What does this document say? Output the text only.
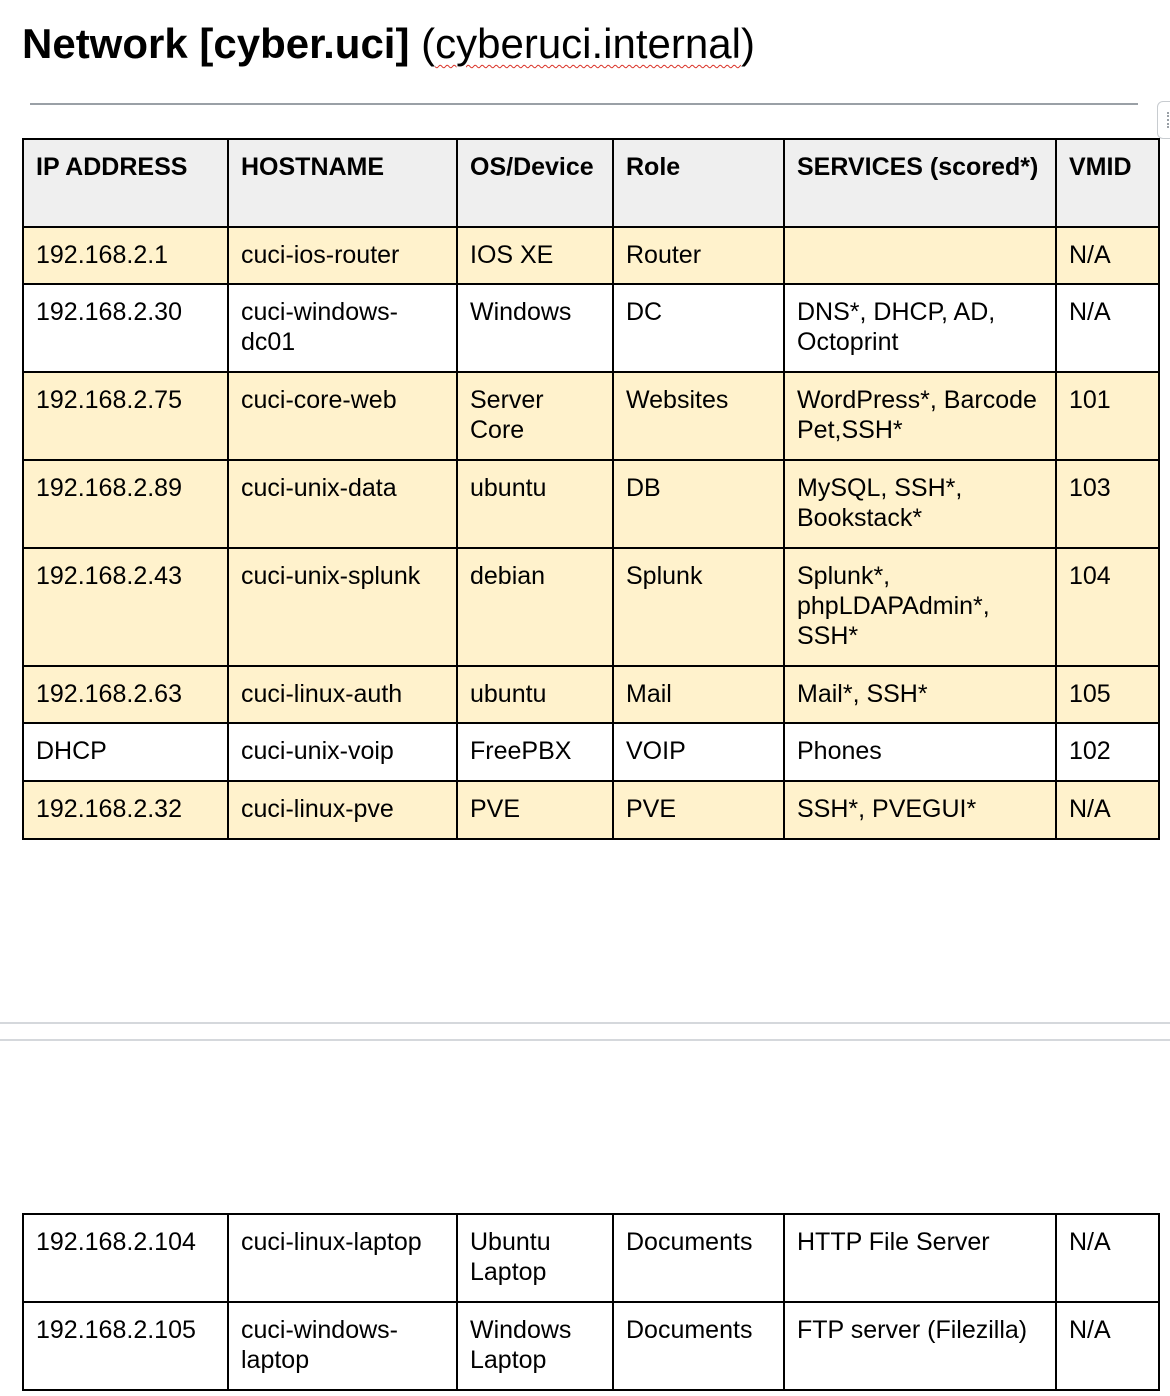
Network [cyber.uci] (cyberuci.internal)
IP ADDRESS	HOSTNAME	OS/Device	Role	SERVICES (scored*)	VMID
192.168.2.1	cuci-ios-router	IOS XE	Router		N/A
192.168.2.30	cuci-windows-dc01	Windows	DC	DNS*, DHCP, AD, Octoprint	N/A
192.168.2.75	cuci-core-web	Server Core	Websites	WordPress*, Barcode Pet,SSH*	101
192.168.2.89	cuci-unix-data	ubuntu	DB	MySQL, SSH*, Bookstack*	103
192.168.2.43	cuci-unix-splunk	debian	Splunk	Splunk*, phpLDAPAdmin*, SSH*	104
192.168.2.63	cuci-linux-auth	ubuntu	Mail	Mail*, SSH*	105
DHCP	cuci-unix-voip	FreePBX	VOIP	Phones	102
192.168.2.32	cuci-linux-pve	PVE	PVE	SSH*, PVEGUI*	N/A
192.168.2.104	cuci-linux-laptop	Ubuntu Laptop	Documents	HTTP File Server	N/A
192.168.2.105	cuci-windows-laptop	Windows Laptop	Documents	FTP server (Filezilla)	N/A
